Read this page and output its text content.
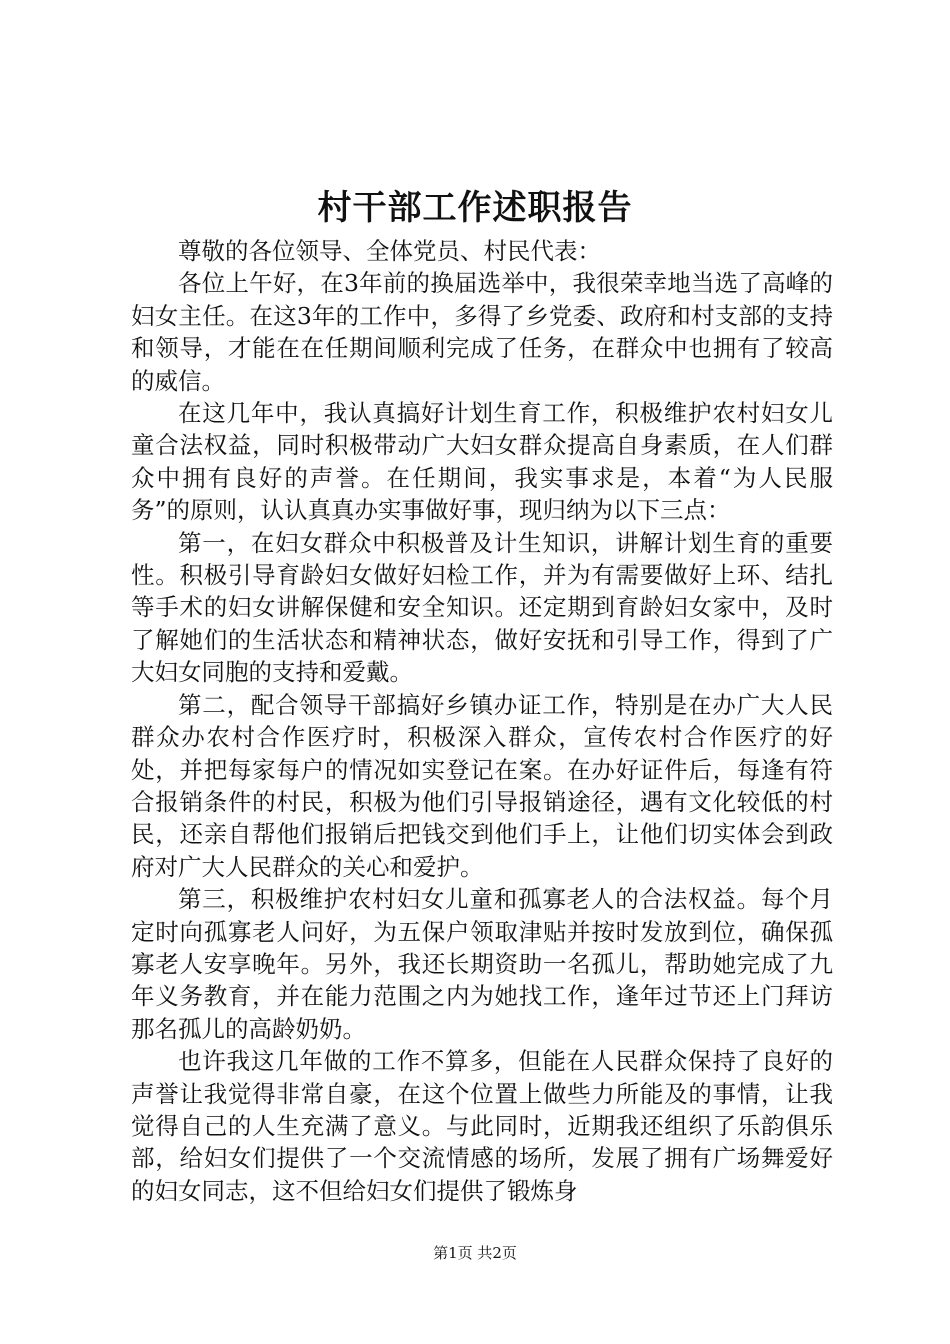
村干部工作述职报告

尊敬的各位领导、全体党员、村民代表：

各位上午好，在3年前的换届选举中，我很荣幸地当选了高峰的妇女主任。在这3年的工作中，多得了乡党委、政府和村支部的支持和领导，才能在在任期间顺利完成了任务，在群众中也拥有了较高的威信。

在这几年中，我认真搞好计划生育工作，积极维护农村妇女儿童合法权益，同时积极带动广大妇女群众提高自身素质，在人们群众中拥有良好的声誉。在任期间，我实事求是，本着“为人民服务”的原则，认认真真办实事做好事，现归纳为以下三点：

第一，在妇女群众中积极普及计生知识，讲解计划生育的重要性。积极引导育龄妇女做好妇检工作，并为有需要做好上环、结扎等手术的妇女讲解保健和安全知识。还定期到育龄妇女家中，及时了解她们的生活状态和精神状态，做好安抚和引导工作，得到了广大妇女同胞的支持和爱戴。

第二，配合领导干部搞好乡镇办证工作，特别是在办广大人民群众办农村合作医疗时，积极深入群众，宣传农村合作医疗的好处，并把每家每户的情况如实登记在案。在办好证件后，每逢有符合报销条件的村民，积极为他们引导报销途径，遇有文化较低的村民，还亲自帮他们报销后把钱交到他们手上，让他们切实体会到政府对广大人民群众的关心和爱护。

第三，积极维护农村妇女儿童和孤寡老人的合法权益。每个月定时向孤寡老人问好，为五保户领取津贴并按时发放到位，确保孤寡老人安享晚年。另外，我还长期资助一名孤儿，帮助她完成了九年义务教育，并在能力范围之内为她找工作，逢年过节还上门拜访那名孤儿的高龄奶奶。

也许我这几年做的工作不算多，但能在人民群众保持了良好的声誉让我觉得非常自豪，在这个位置上做些力所能及的事情，让我觉得自己的人生充满了意义。与此同时，近期我还组织了乐韵俱乐部，给妇女们提供了一个交流情感的场所，发展了拥有广场舞爱好的妇女同志，这不但给妇女们提供了锻炼身

第1页 共2页
